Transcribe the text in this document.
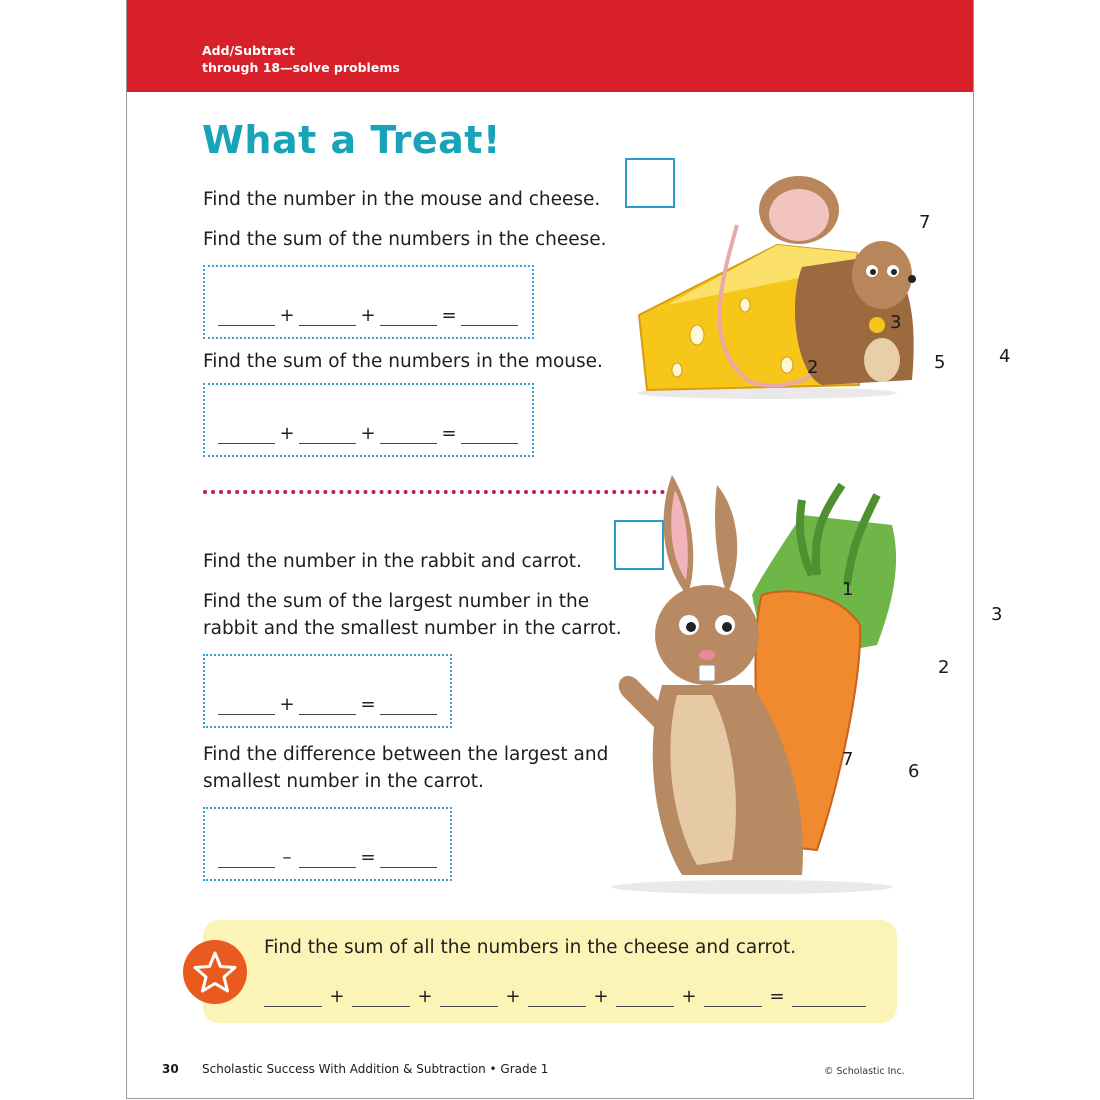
Add/Subtract
through 18—solve problems
What a Treat!
Find the number in the mouse and cheese.
Find the sum of the numbers in the cheese.
+	+	=
Find the sum of the numbers in the mouse.
+	+	=
Find the number in the rabbit and carrot.
Find the sum of the largest number in the
rabbit and the smallest number in the carrot.
+	=
Find the difference between the largest and
smallest number in the carrot.
–	=
7
3
2	5	4
1
7
3
2
6
Find the sum of all the numbers in the cheese and carrot.
+	+	+	+	+	=
30 Scholastic Success With Addition & Subtraction • Grade 1	© Scholastic Inc.
